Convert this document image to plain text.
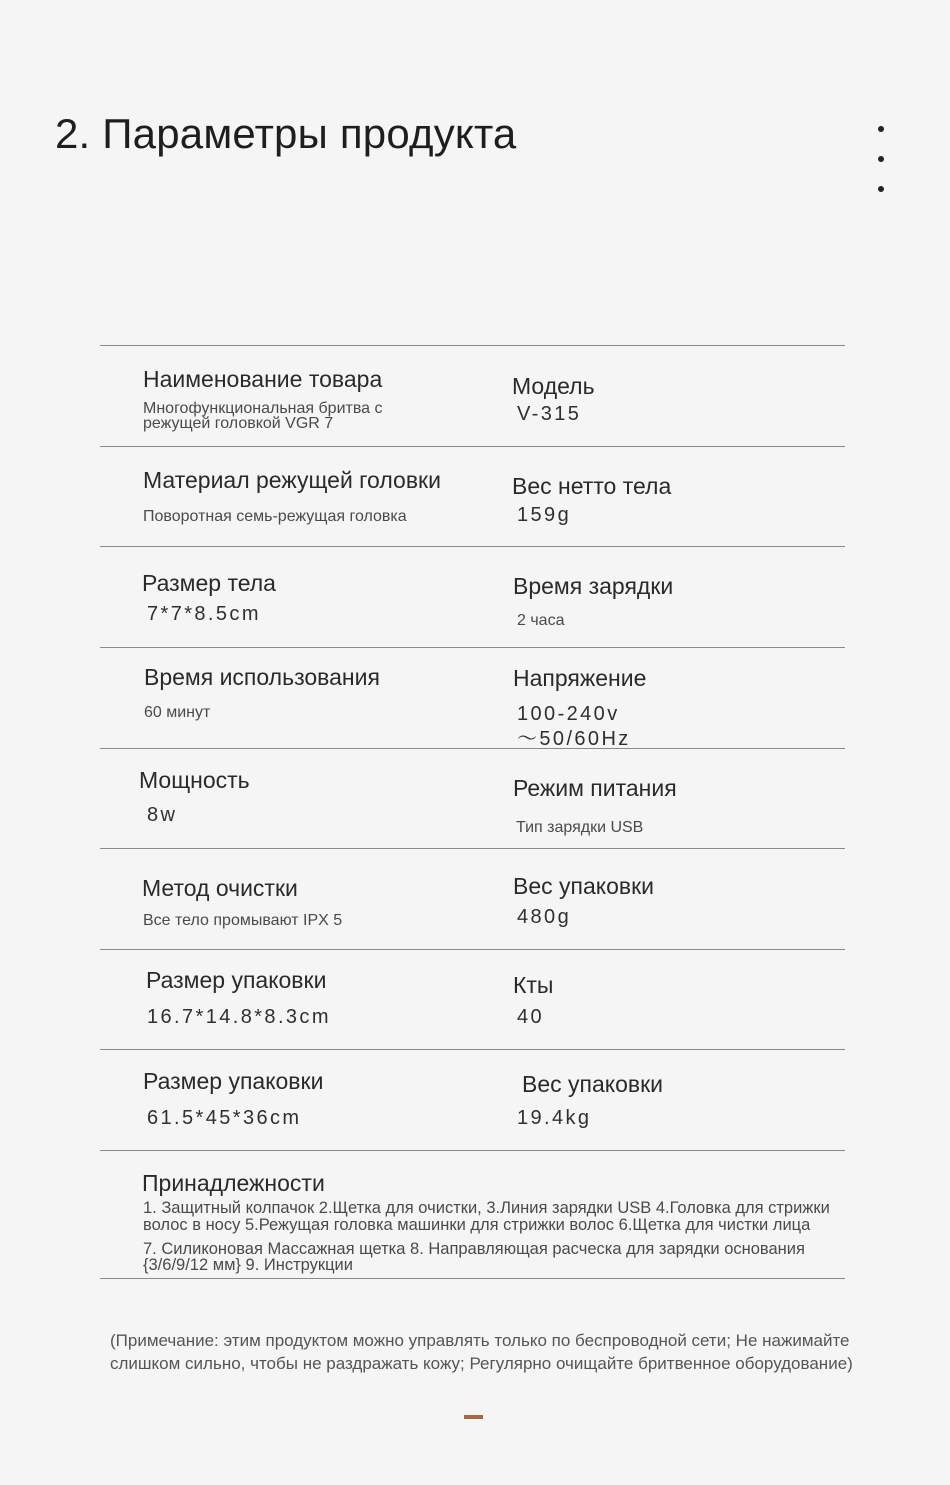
2. Параметры продукта
Наименование товара
Многофункциональная бритва с
режущей головкой VGR 7
Модель
V-315
Материал режущей головки
Поворотная семь-режущая головка
Вес нетто тела
159g
Размер тела
7*7*8.5cm
Время зарядки
2 часа
Время использования
60 минут
Напряжение
100-240v
～50/60Hz
Мощность
8w
Режим питания
Тип зарядки USB
Метод очистки
Все тело промывают IPX 5
Вес упаковки
480g
Размер упаковки
16.7*14.8*8.3cm
Кты
40
Размер упаковки
61.5*45*36cm
Вес упаковки
19.4kg
Принадлежности
1. Защитный колпачок 2.Щетка для очистки, 3.Линия зарядки USB 4.Головка для стрижки
волос в носу 5.Режущая головка машинки для стрижки волос 6.Щетка для чистки лица
7. Силиконовая Массажная щетка 8. Направляющая расческа для зарядки основания
{3/6/9/12 мм} 9. Инструкции
(Примечание: этим продуктом можно управлять только по беспроводной сети; Не нажимайте
слишком сильно, чтобы не раздражать кожу; Регулярно очищайте бритвенное оборудование)
